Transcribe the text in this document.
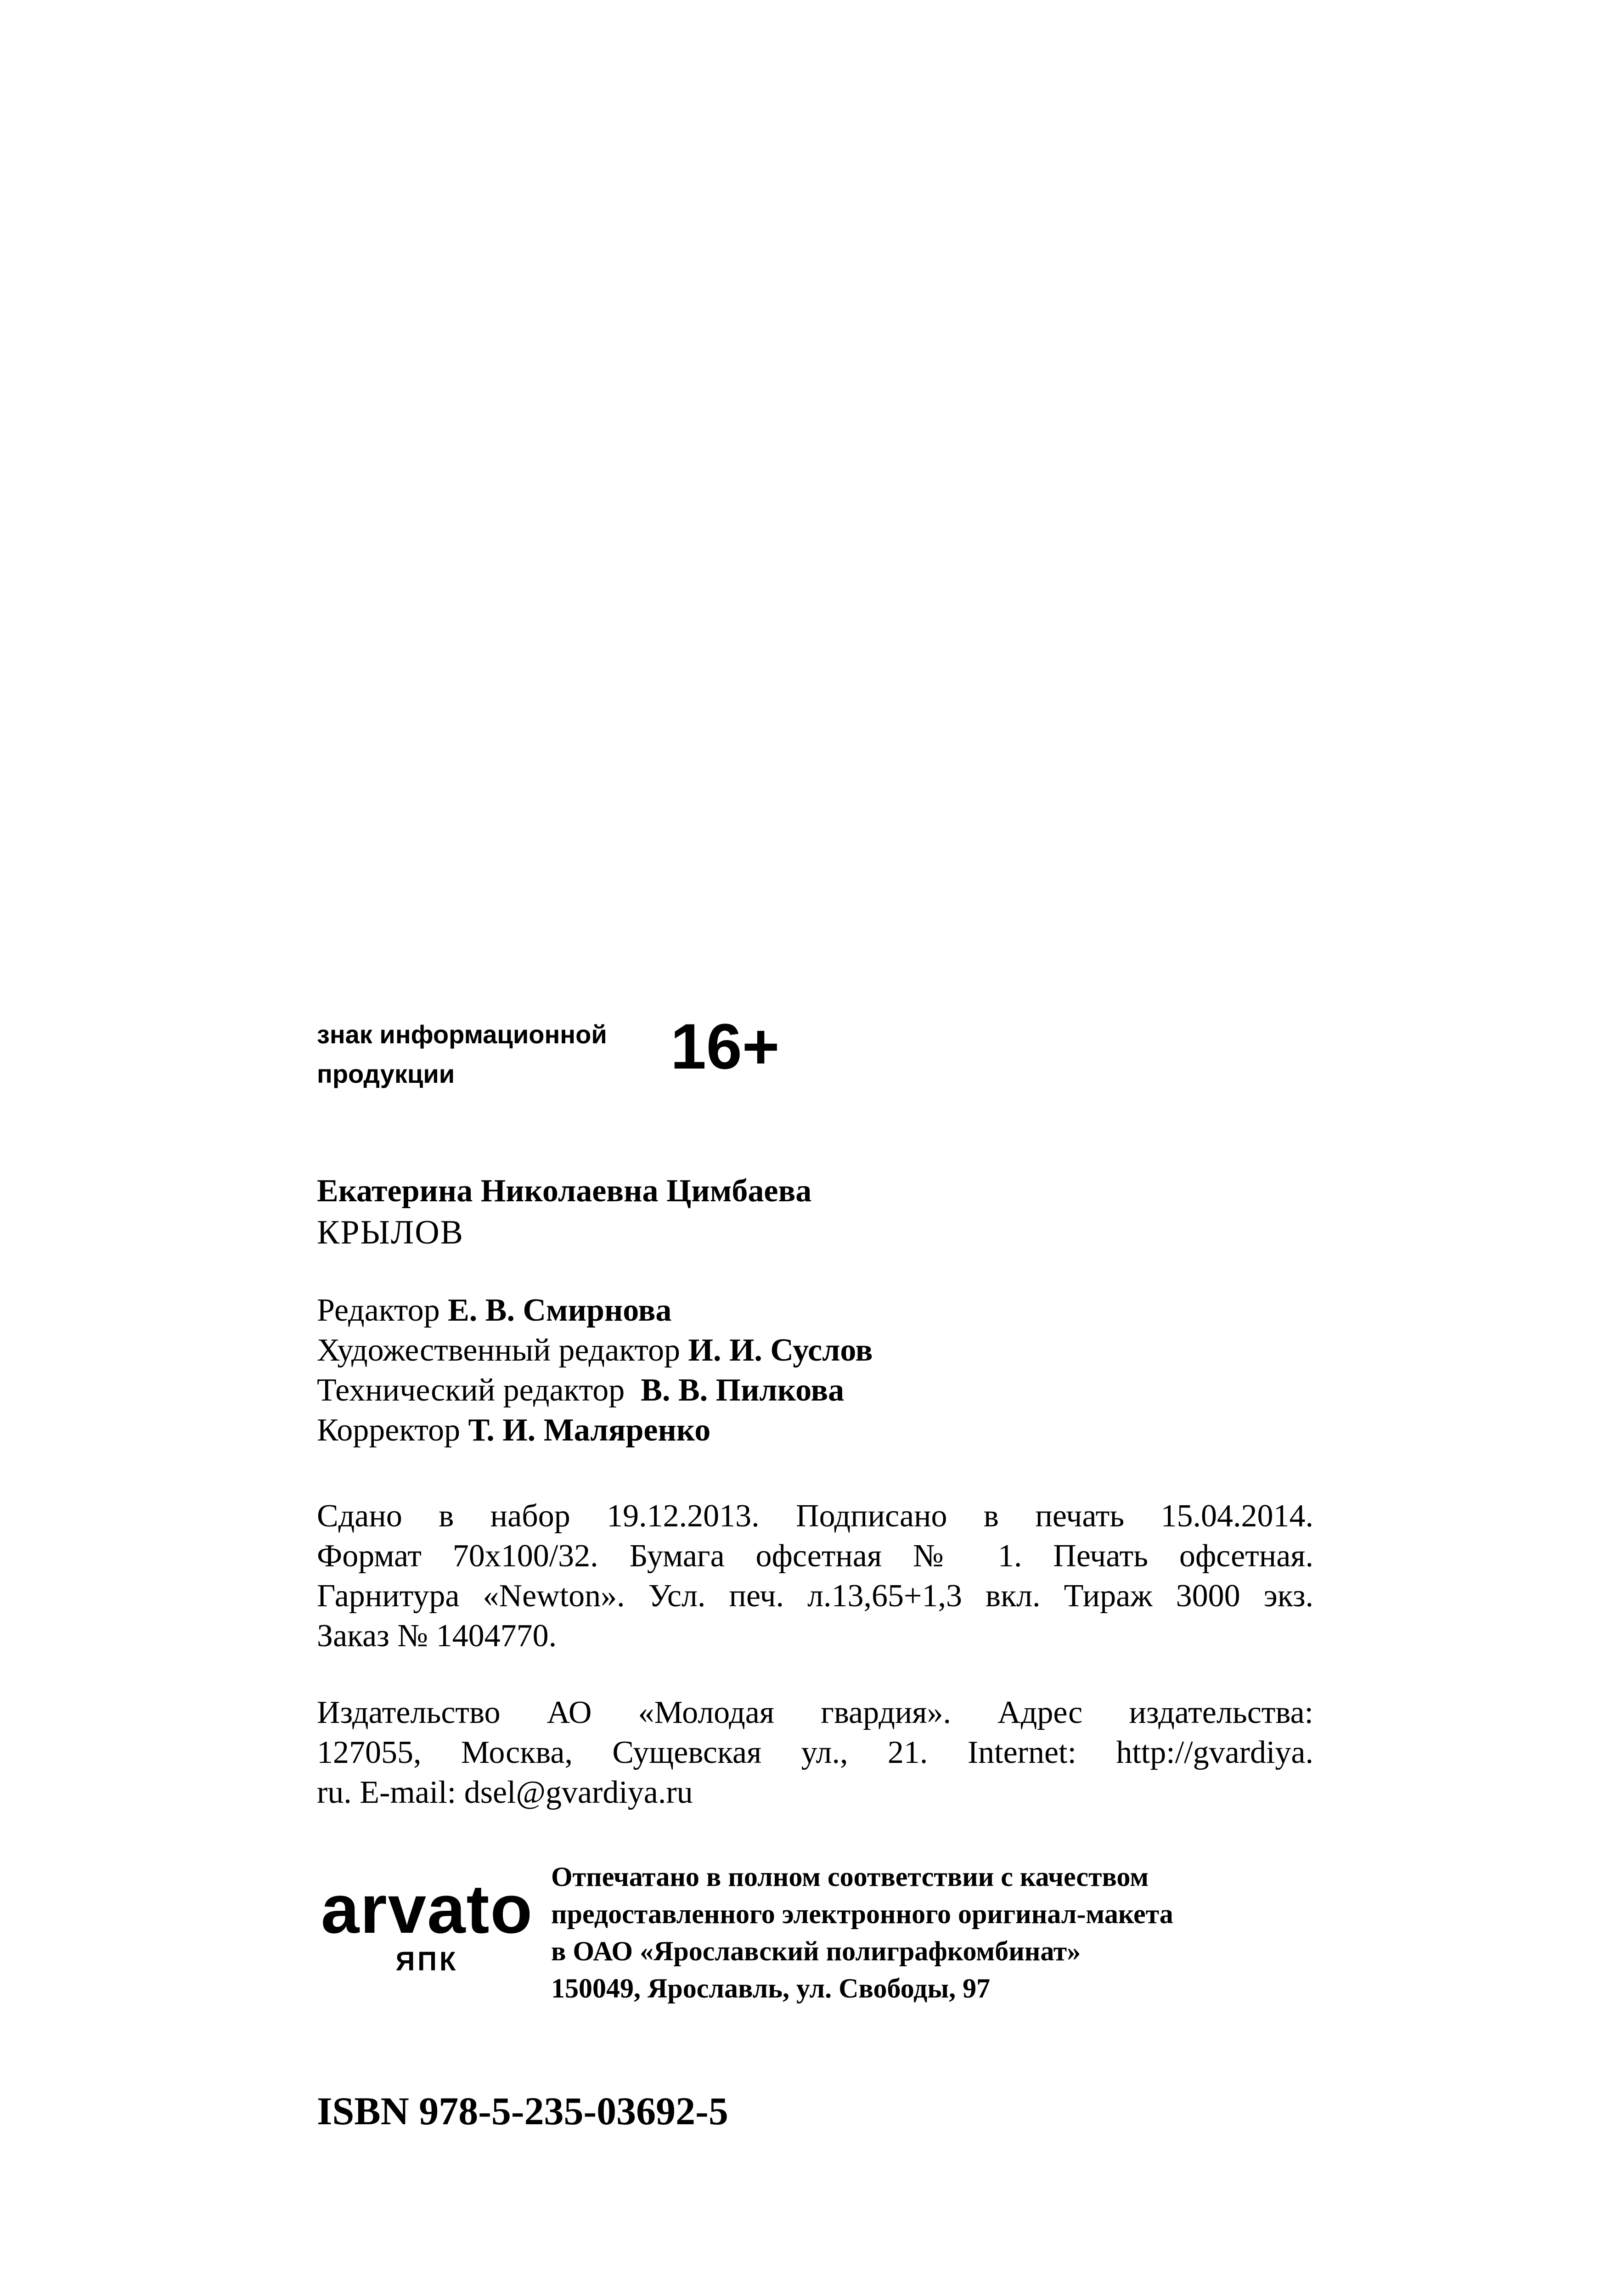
знак информационной
продукции	16+
Екатерина Николаевна Цимбаева
КРЫЛОВ
Редактор Е. В. Смирнова
Художественный редактор И. И. Суслов
Технический редактор В. В. Пилкова
Корректор Т. И. Маляренко
Сдано в набор 19.12.2013. Подписано в печать 15.04.2014.
Формат 70x100/32. Бумага офсетная № 1. Печать офсетная.
Гарнитура «Newton». Усл. печ. л.13,65+1,3 вкл. Тираж 3000 экз.
Заказ № 1404770.
Издательство АО «Молодая гвардия». Адрес издательства:
127055, Москва, Сущевская ул., 21. Internet: http://gvardiya.
ru. E-mail: dsel@gvardiya.ru
arvato
ЯПК
Отпечатано в полном соответствии с качеством
предоставленного электронного оригинал-макета
в ОАО «Ярославский полиграфкомбинат»
150049, Ярославль, ул. Свободы, 97
ISBN 978-5-235-03692-5
